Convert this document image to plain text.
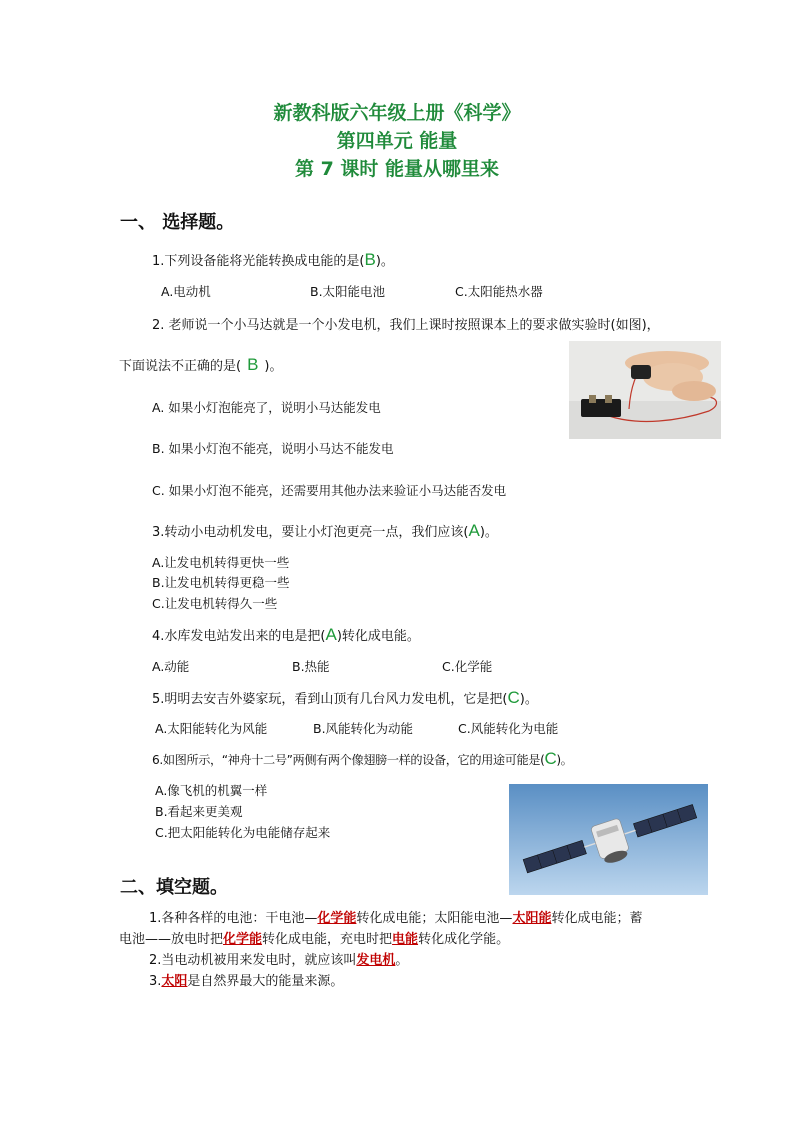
新教科版六年级上册《科学》
第四单元 能量
第 7 课时 能量从哪里来
一、 选择题。
1.下列设备能将光能转换成电能的是(B)。
A.电动机	B.太阳能电池	C.太阳能热水器
2. 老师说一个小马达就是一个小发电机，我们上课时按照课本上的要求做实验时(如图)，
下面说法不正确的是( B )。
A. 如果小灯泡能亮了，说明小马达能发电
B. 如果小灯泡不能亮，说明小马达不能发电
C. 如果小灯泡不能亮，还需要用其他办法来验证小马达能否发电
3.转动小电动机发电，要让小灯泡更亮一点，我们应该(A)。
A.让发电机转得更快一些
B.让发电机转得更稳一些
C.让发电机转得久一些
4.水库发电站发出来的电是把(A)转化成电能。
A.动能	B.热能	C.化学能
5.明明去安吉外婆家玩，看到山顶有几台风力发电机，它是把(C)。
A.太阳能转化为风能	B.风能转化为动能	C.风能转化为电能
6.如图所示，“神舟十二号”两侧有两个像翅膀一样的设备，它的用途可能是(C)。
A.像飞机的机翼一样
B.看起来更美观
C.把太阳能转化为电能储存起来
二、填空题。
1.各种各样的电池：干电池—化学能转化成电能；太阳能电池—太阳能转化成电能；蓄
电池——放电时把化学能转化成电能，充电时把电能转化成化学能。
2.当电动机被用来发电时，就应该叫发电机。
3.太阳是自然界最大的能量来源。
